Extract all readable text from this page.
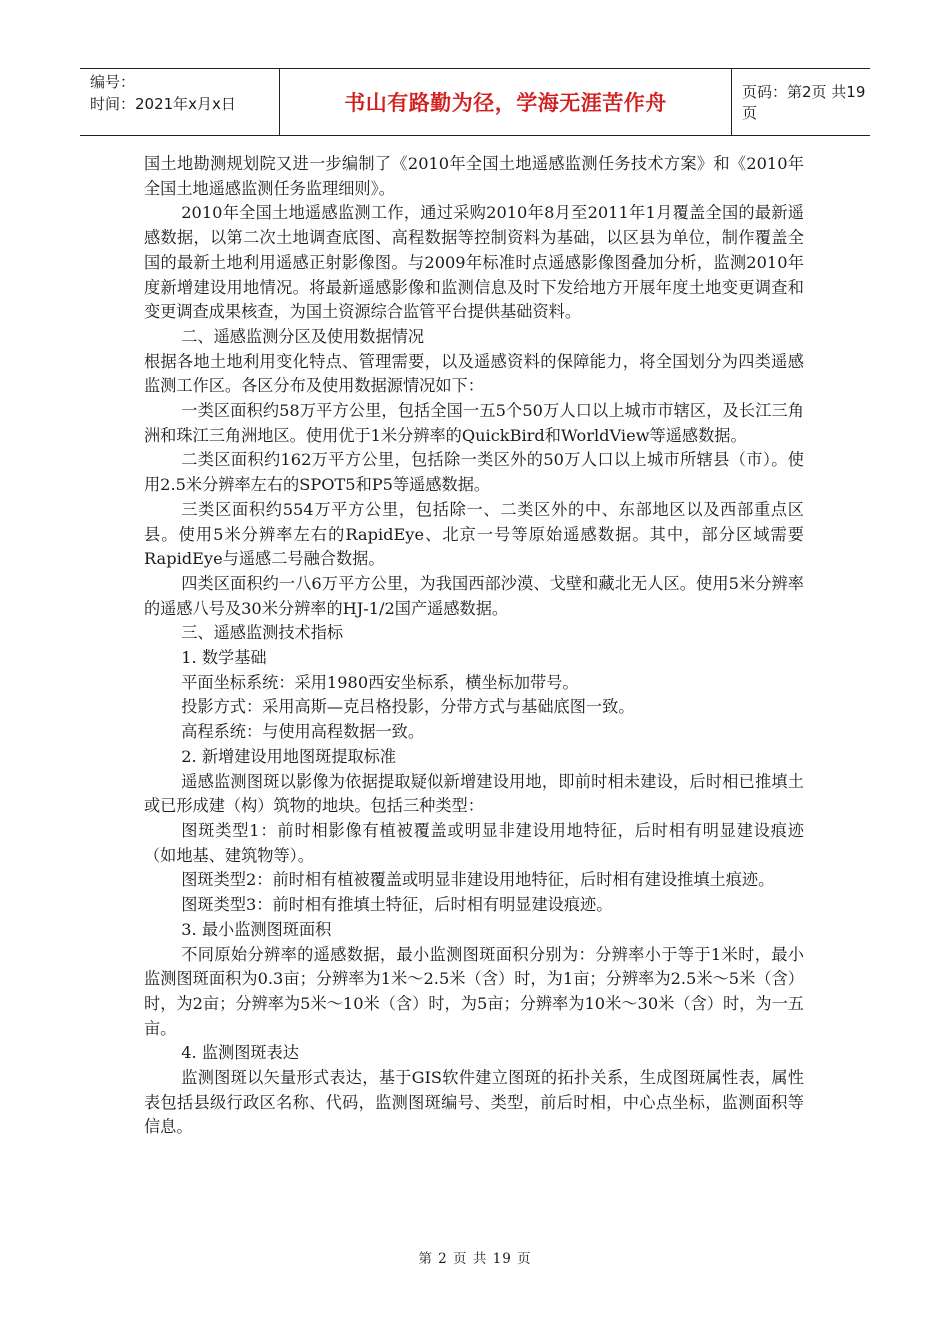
编号：
时间：2021年x月x日	书山有路勤为径，学海无涯苦作舟	页码：第2页 共19页

国土地勘测规划院又进一步编制了《2010年全国土地遥感监测任务技术方案》和《2010年全国土地遥感监测任务监理细则》。

2010年全国土地遥感监测工作，通过采购2010年8月至2011年1月覆盖全国的最新遥感数据，以第二次土地调查底图、高程数据等控制资料为基础，以区县为单位，制作覆盖全国的最新土地利用遥感正射影像图。与2009年标准时点遥感影像图叠加分析，监测2010年度新增建设用地情况。将最新遥感影像和监测信息及时下发给地方开展年度土地变更调查和变更调查成果核查，为国土资源综合监管平台提供基础资料。

二、遥感监测分区及使用数据情况

根据各地土地利用变化特点、管理需要，以及遥感资料的保障能力，将全国划分为四类遥感监测工作区。各区分布及使用数据源情况如下：

一类区面积约58万平方公里，包括全国一五5个50万人口以上城市市辖区，及长江三角洲和珠江三角洲地区。使用优于1米分辨率的QuickBird和WorldView等遥感数据。

二类区面积约162万平方公里，包括除一类区外的50万人口以上城市所辖县（市）。使用2.5米分辨率左右的SPOT5和P5等遥感数据。

三类区面积约554万平方公里，包括除一、二类区外的中、东部地区以及西部重点区县。使用5米分辨率左右的RapidEye、北京一号等原始遥感数据。其中，部分区域需要RapidEye与遥感二号融合数据。

四类区面积约一八6万平方公里，为我国西部沙漠、戈壁和藏北无人区。使用5米分辨率的遥感八号及30米分辨率的HJ-1/2国产遥感数据。

三、遥感监测技术指标

1. 数学基础

平面坐标系统：采用1980西安坐标系，横坐标加带号。

投影方式：采用高斯—克吕格投影，分带方式与基础底图一致。

高程系统：与使用高程数据一致。

2. 新增建设用地图斑提取标准

遥感监测图斑以影像为依据提取疑似新增建设用地，即前时相未建设，后时相已推填土或已形成建（构）筑物的地块。包括三种类型：

图斑类型1：前时相影像有植被覆盖或明显非建设用地特征，后时相有明显建设痕迹（如地基、建筑物等）。

图斑类型2：前时相有植被覆盖或明显非建设用地特征，后时相有建设推填土痕迹。

图斑类型3：前时相有推填土特征，后时相有明显建设痕迹。

3. 最小监测图斑面积

不同原始分辨率的遥感数据，最小监测图斑面积分别为：分辨率小于等于1米时，最小监测图斑面积为0.3亩；分辨率为1米～2.5米（含）时，为1亩；分辨率为2.5米～5米（含）时，为2亩；分辨率为5米～10米（含）时，为5亩；分辨率为10米～30米（含）时，为一五亩。

4. 监测图斑表达

监测图斑以矢量形式表达，基于GIS软件建立图斑的拓扑关系，生成图斑属性表，属性表包括县级行政区名称、代码，监测图斑编号、类型，前后时相，中心点坐标，监测面积等信息。

第 2 页 共 19 页
